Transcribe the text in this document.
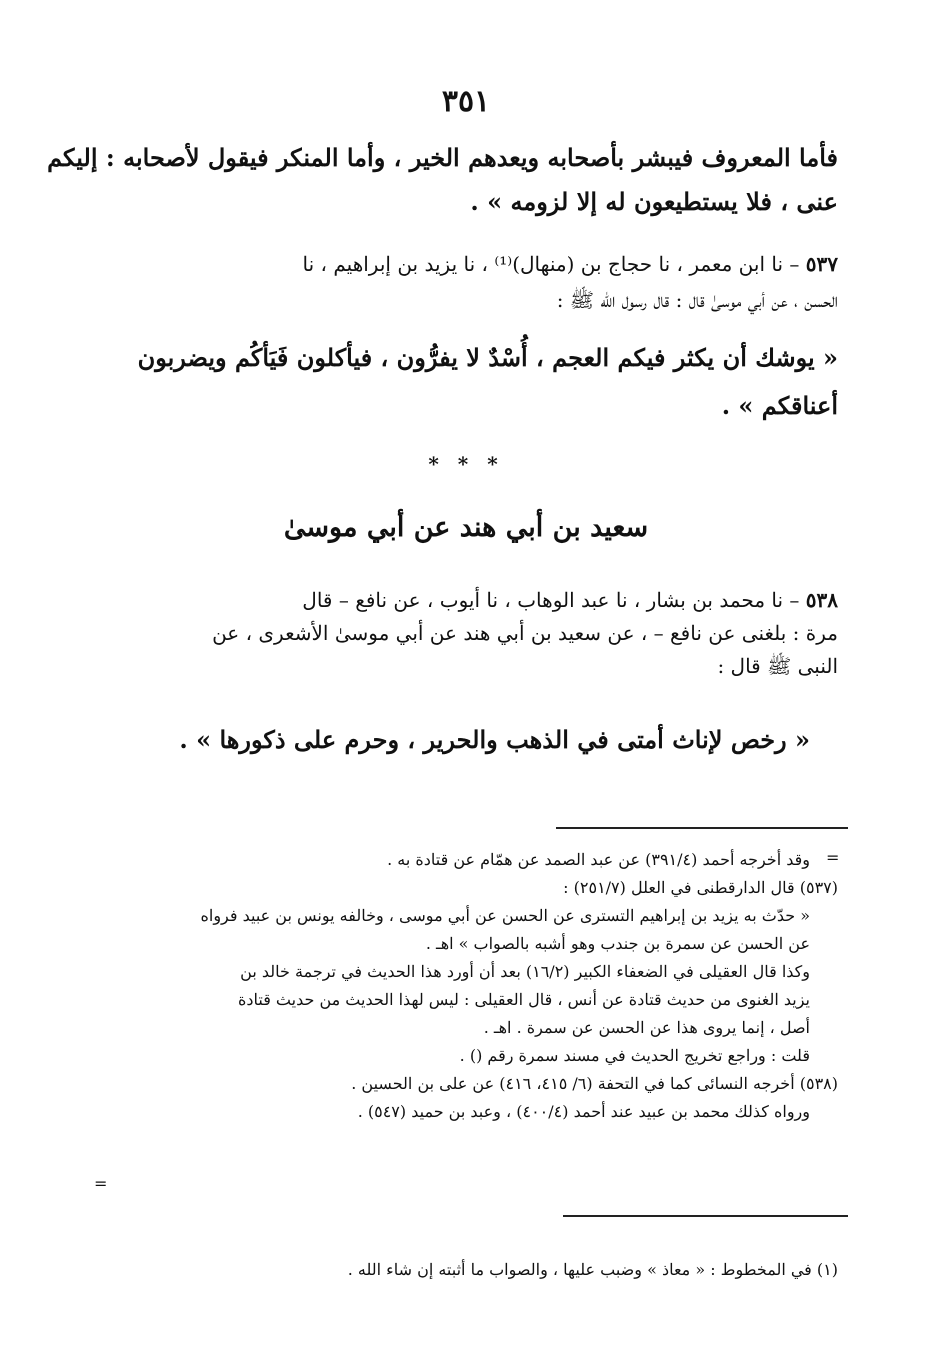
٣٥١
فأما المعروف فيبشر بأصحابه ويعدهم الخير ، وأما المنكر فيقول لأصحابه : إليكم
عنى ، فلا يستطيعون له إلا لزومه » .
٥٣٧ – نا ابن معمر ، نا حجاج بن (منهال)⁽¹⁾ ، نا يزيد بن إبراهيم ، نا
الحسن ، عن أبي موسىٰ قال : قال رسول الله ﷺ :
« يوشك أن يكثر فيكم العجم ، أُسْدٌ لا يفرُّون ، فيأكلون فَيَأكُم ويضربون
أعناقكم » .
* * *
سعيد بن أبي هند عن أبي موسىٰ
٥٣٨ – نا محمد بن بشار ، نا عبد الوهاب ، نا أيوب ، عن نافع – قال
مرة : بلغنى عن نافع – ، عن سعيد بن أبي هند عن أبي موسىٰ الأشعرى ، عن
النبى ﷺ قال :
« رخص لإناث أمتى في الذهب والحرير ، وحرم على ذكورها » .
=
وقد أخرجه أحمد (٣٩١/٤) عن عبد الصمد عن همّام عن قتادة به .
(٥٣٧) قال الدارقطنى في العلل (٢٥١/٧) :
« حدّث به يزيد بن إبراهيم التسترى عن الحسن عن أبي موسى ، وخالفه يونس بن عبيد فرواه
عن الحسن عن سمرة بن جندب وهو أشبه بالصواب » اهـ .
وكذا قال العقيلى في الضعفاء الكبير (١٦/٢) بعد أن أورد هذا الحديث في ترجمة خالد بن
يزيد الغنوى من حديث قتادة عن أنس ، قال العقيلى : ليس لهذا الحديث من حديث قتادة
أصل ، إنما يروى هذا عن الحسن عن سمرة . اهـ .
قلت : وراجع تخريج الحديث في مسند سمرة رقم () .
(٥٣٨) أخرجه النسائى كما في التحفة (٦/ ٤١٥، ٤١٦) عن على بن الحسين .
ورواه كذلك محمد بن عبيد عند أحمد (٤٠٠/٤) ، وعبد بن حميد (٥٤٧) .
=
(١) في المخطوط : « معاذ » وضبب عليها ، والصواب ما أثبته إن شاء الله .
